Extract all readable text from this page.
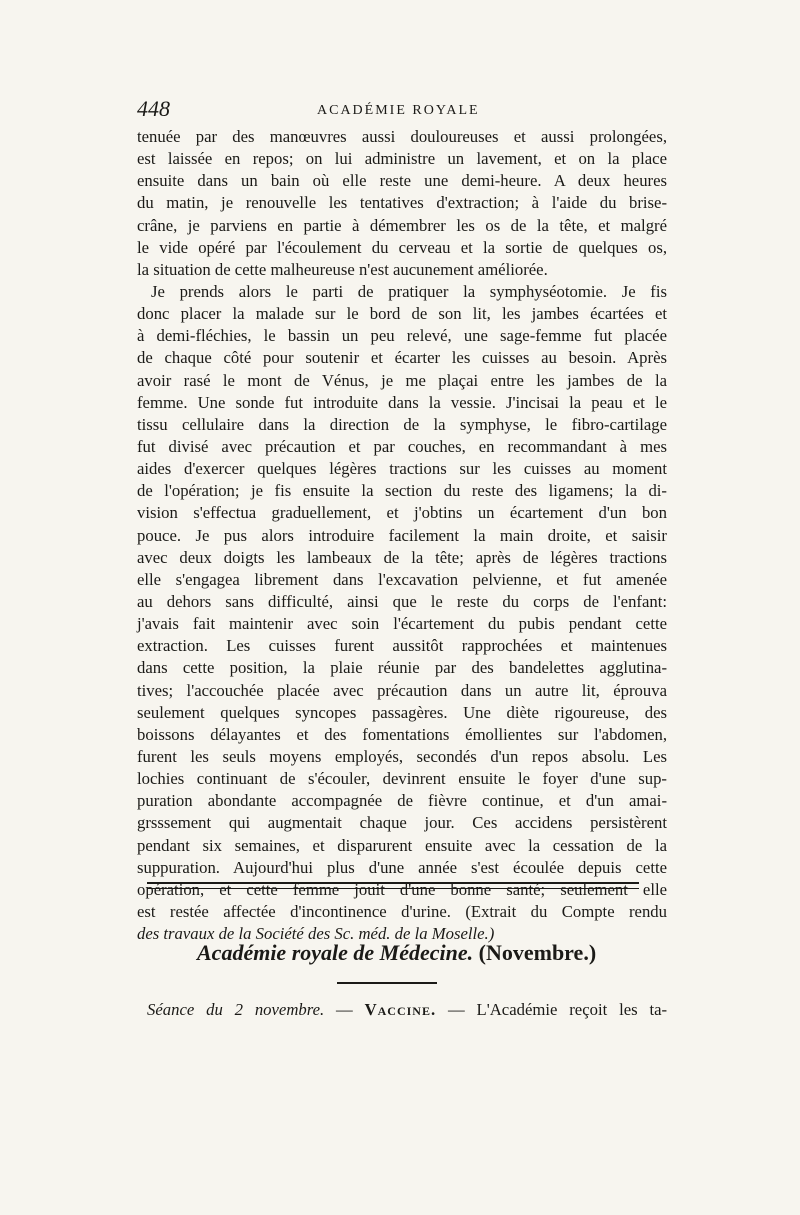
448	ACADÉMIE ROYALE
tenuée par des manœuvres aussi douloureuses et aussi prolongées,
est laissée en repos; on lui administre un lavement, et on la place
ensuite dans un bain où elle reste une demi-heure. A deux heures
du matin, je renouvelle les tentatives d'extraction; à l'aide du brise-
crâne, je parviens en partie à démembrer les os de la tête, et malgré
le vide opéré par l'écoulement du cerveau et la sortie de quelques os,
la situation de cette malheureuse n'est aucunement améliorée.
Je prends alors le parti de pratiquer la symphyséotomie. Je fis
donc placer la malade sur le bord de son lit, les jambes écartées et
à demi-fléchies, le bassin un peu relevé, une sage-femme fut placée
de chaque côté pour soutenir et écarter les cuisses au besoin. Après
avoir rasé le mont de Vénus, je me plaçai entre les jambes de la
femme. Une sonde fut introduite dans la vessie. J'incisai la peau et le
tissu cellulaire dans la direction de la symphyse, le fibro-cartilage
fut divisé avec précaution et par couches, en recommandant à mes
aides d'exercer quelques légères tractions sur les cuisses au moment
de l'opération; je fis ensuite la section du reste des ligamens; la di-
vision s'effectua graduellement, et j'obtins un écartement d'un bon
pouce. Je pus alors introduire facilement la main droite, et saisir
avec deux doigts les lambeaux de la tête; après de légères tractions
elle s'engagea librement dans l'excavation pelvienne, et fut amenée
au dehors sans difficulté, ainsi que le reste du corps de l'enfant:
j'avais fait maintenir avec soin l'écartement du pubis pendant cette
extraction. Les cuisses furent aussitôt rapprochées et maintenues
dans cette position, la plaie réunie par des bandelettes agglutina-
tives; l'accouchée placée avec précaution dans un autre lit, éprouva
seulement quelques syncopes passagères. Une diète rigoureuse, des
boissons délayantes et des fomentations émollientes sur l'abdomen,
furent les seuls moyens employés, secondés d'un repos absolu. Les
lochies continuant de s'écouler, devinrent ensuite le foyer d'une sup-
puration abondante accompagnée de fièvre continue, et d'un amai-
grsssement qui augmentait chaque jour. Ces accidens persistèrent
pendant six semaines, et disparurent ensuite avec la cessation de la
suppuration. Aujourd'hui plus d'une année s'est écoulée depuis cette
opération, et cette femme jouit d'une bonne santé; seulement elle
est restée affectée d'incontinence d'urine. (Extrait du Compte rendu
des travaux de la Société des Sc. méd. de la Moselle.)
Académie royale de Médecine. (Novembre.)
Séance du 2 novembre. — Vaccine. — L'Académie reçoit les ta-
